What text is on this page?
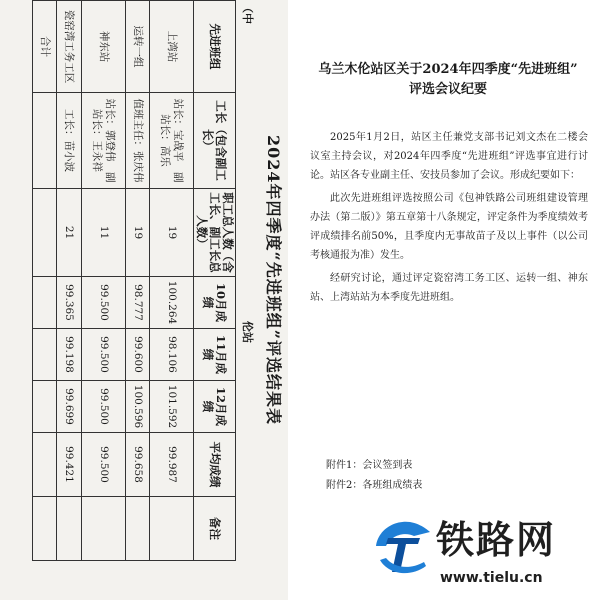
2024年四季度“先进班组”评选结果表
（中　　　　　　　　　　　　　　　　　　　　　　　　　　　伦站
先进班组	工长（包含副工长）	职工总人数（含工长、副工长总人数）	10月成绩	11月成绩	12月成绩	平均成绩	备注
上湾站	站长：宝战平　副站长：高乐	19	100.264	98.106	101.592	99.987	
运转一组	值班主任：张庆伟	19	98.777	99.600	100.596	99.658	
神东站	站长：郭登伟　副站长：王永祥	11	99.500	99.500	99.500	99.500	
瓷窑湾工务工区	工长：苗小波	21	99.365	99.198	99.699	99.421	
合计							
乌兰木伦站区关于2024年四季度“先进班组”
评选会议纪要

2025年1月2日，站区主任兼党支部书记刘文杰在二楼会议室主持会议，对2024年四季度“先进班组”评选事宜进行讨论。站区各专业副主任、安技员参加了会议。形成纪要如下：

此次先进班组评选按照公司《包神铁路公司班组建设管理办法（第二版）》第五章第十八条规定，评定条件为季度绩效考评成绩排名前50%，且季度内无事故苗子及以上事件（以公司考核通报为准）发生。

经研究讨论，通过评定瓷窑湾工务工区、运转一组、神东站、上湾站站为本季度先进班组。

附件1：会议签到表
附件2：各班组成绩表
铁路网
www.tielu.cn
